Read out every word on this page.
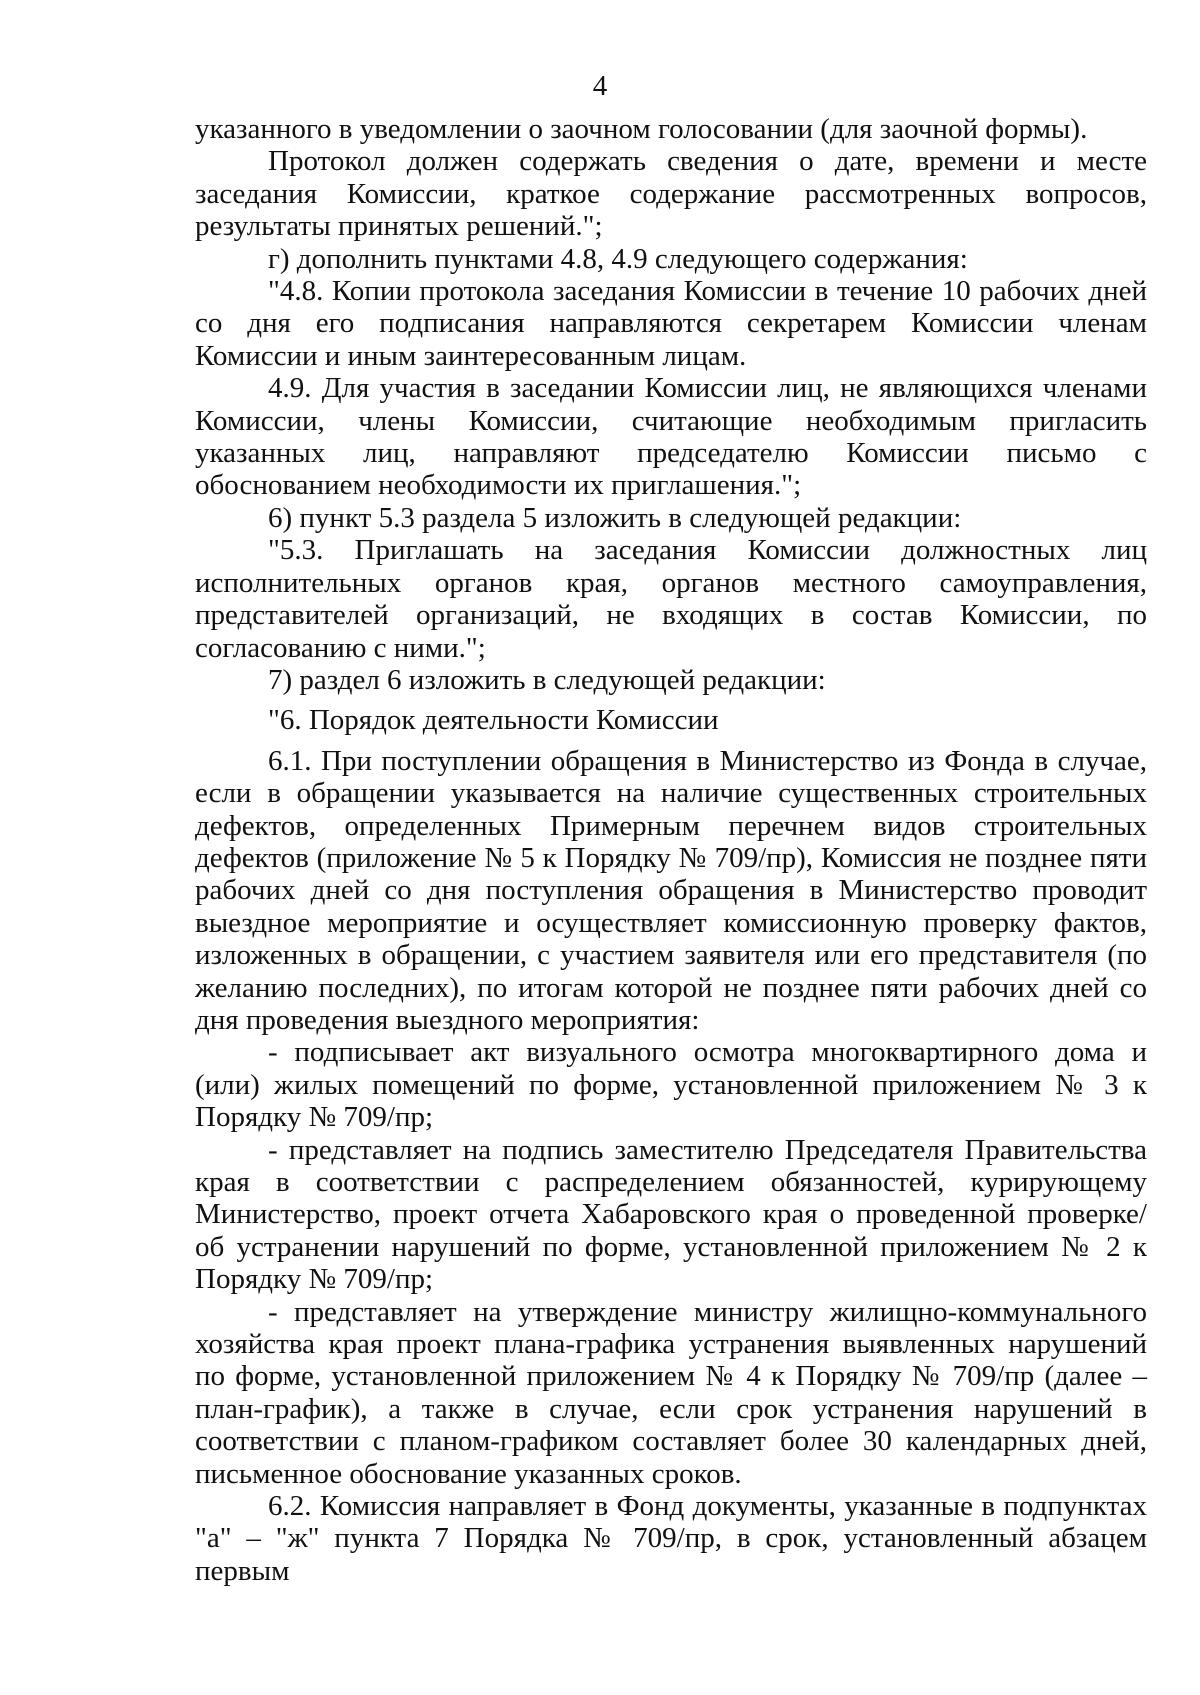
4

указанного в уведомлении о заочном голосовании (для заочной формы).

Протокол должен содержать сведения о дате, времени и месте заседания Комиссии, краткое содержание рассмотренных вопросов, результаты принятых решений.";

г) дополнить пунктами 4.8, 4.9 следующего содержания:

"4.8. Копии протокола заседания Комиссии в течение 10 рабочих дней со дня его подписания направляются секретарем Комиссии членам Комиссии и иным заинтересованным лицам.

4.9. Для участия в заседании Комиссии лиц, не являющихся членами Комиссии, члены Комиссии, считающие необходимым пригласить указанных лиц, направляют председателю Комиссии письмо с обоснованием необходимости их приглашения.";

6) пункт 5.3 раздела 5 изложить в следующей редакции:

"5.3. Приглашать на заседания Комиссии должностных лиц исполнительных органов края, органов местного самоуправления, представителей организаций, не входящих в состав Комиссии, по согласованию с ними.";

7) раздел 6 изложить в следующей редакции:

"6. Порядок деятельности Комиссии

6.1. При поступлении обращения в Министерство из Фонда в случае, если в обращении указывается на наличие существенных строительных дефектов, определенных Примерным перечнем видов строительных дефектов (приложение № 5 к Порядку № 709/пр), Комиссия не позднее пяти рабочих дней со дня поступления обращения в Министерство проводит выездное мероприятие и осуществляет комиссионную проверку фактов, изложенных в обращении, с участием заявителя или его представителя (по желанию последних), по итогам которой не позднее пяти рабочих дней со дня проведения выездного мероприятия:

- подписывает акт визуального осмотра многоквартирного дома и (или) жилых помещений по форме, установленной приложением № 3 к Порядку № 709/пр;

- представляет на подпись заместителю Председателя Правительства края в соответствии с распределением обязанностей, курирующему Министерство, проект отчета Хабаровского края о проведенной проверке/ об устранении нарушений по форме, установленной приложением № 2 к Порядку № 709/пр;

- представляет на утверждение министру жилищно-коммунального хозяйства края проект плана-графика устранения выявленных нарушений по форме, установленной приложением № 4 к Порядку № 709/пр (далее – план-график), а также в случае, если срок устранения нарушений в соответствии с планом-графиком составляет более 30 календарных дней, письменное обоснование указанных сроков.

6.2. Комиссия направляет в Фонд документы, указанные в подпунктах "а" – "ж" пункта 7 Порядка № 709/пр, в срок, установленный абзацем первым
